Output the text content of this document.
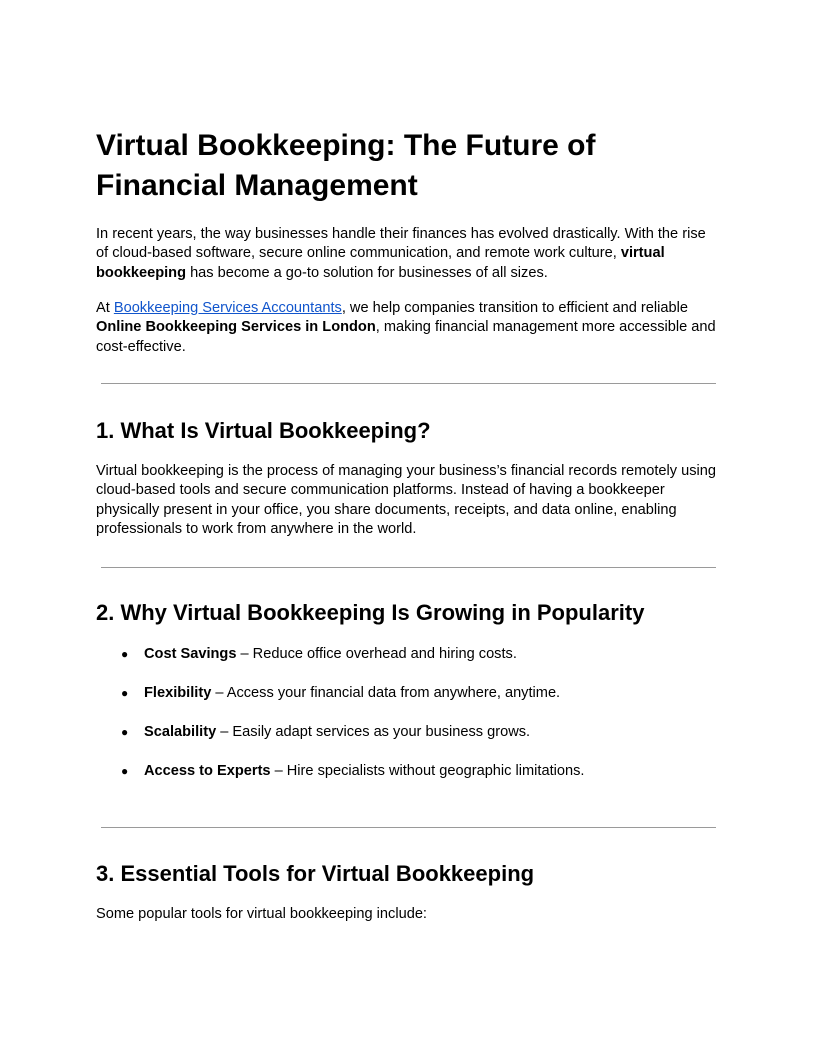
Virtual Bookkeeping: The Future of Financial Management

In recent years, the way businesses handle their finances has evolved drastically. With the rise of cloud-based software, secure online communication, and remote work culture, virtual bookkeeping has become a go-to solution for businesses of all sizes.

At Bookkeeping Services Accountants, we help companies transition to efficient and reliable Online Bookkeeping Services in London, making financial management more accessible and cost-effective.

1. What Is Virtual Bookkeeping?

Virtual bookkeeping is the process of managing your business’s financial records remotely using cloud-based tools and secure communication platforms. Instead of having a bookkeeper physically present in your office, you share documents, receipts, and data online, enabling professionals to work from anywhere in the world.

2. Why Virtual Bookkeeping Is Growing in Popularity
● Cost Savings – Reduce office overhead and hiring costs.
● Flexibility – Access your financial data from anywhere, anytime.
● Scalability – Easily adapt services as your business grows.
● Access to Experts – Hire specialists without geographic limitations.
3. Essential Tools for Virtual Bookkeeping

Some popular tools for virtual bookkeeping include:
